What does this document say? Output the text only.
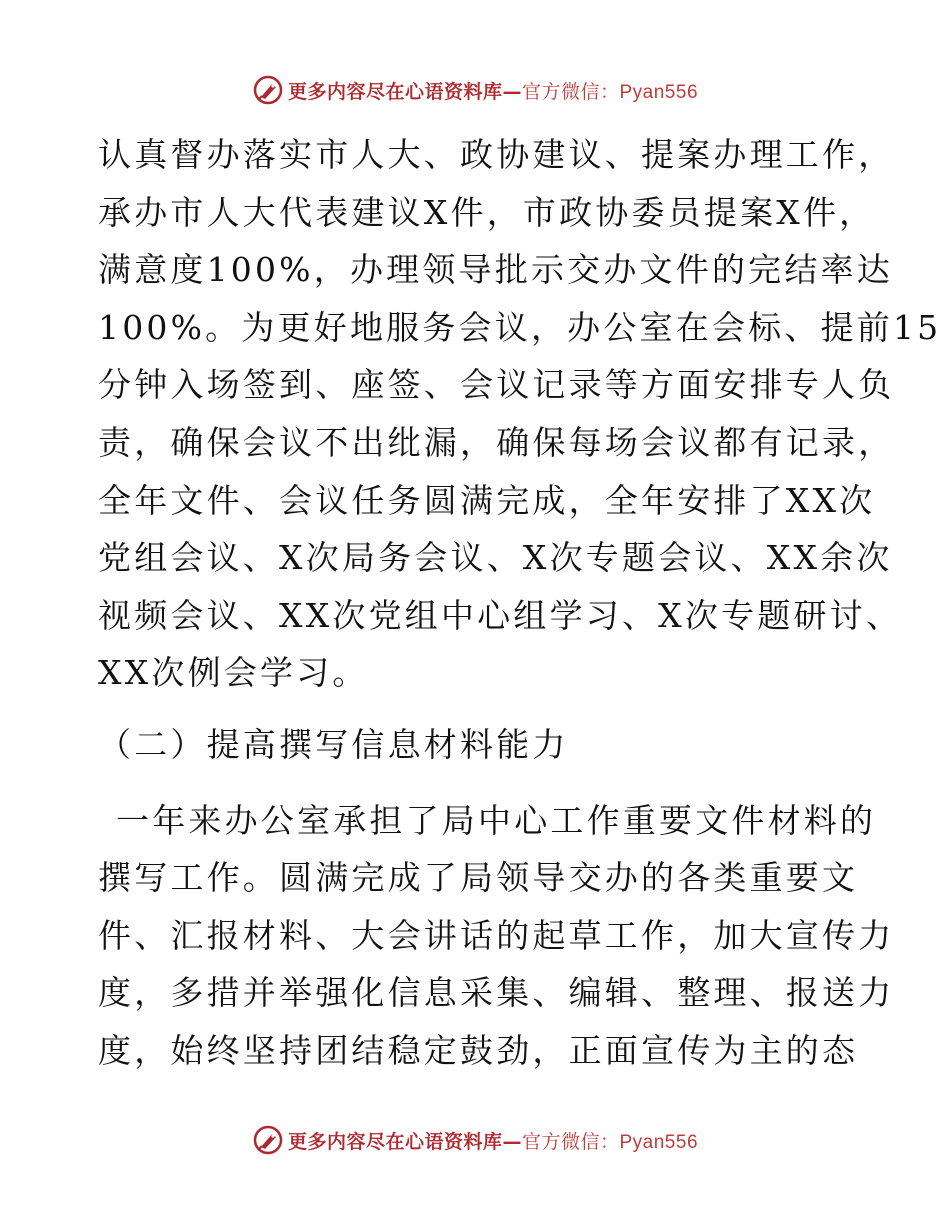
更多内容尽在心语资料库—官方微信：Pyan556
认真督办落实市人大、政协建议、提案办理工作，
承办市人大代表建议X件，市政协委员提案X件，
满意度100%，办理领导批示交办文件的完结率达
100%。为更好地服务会议，办公室在会标、提前15
分钟入场签到、座签、会议记录等方面安排专人负
责，确保会议不出纰漏，确保每场会议都有记录，
全年文件、会议任务圆满完成，全年安排了XX次
党组会议、X次局务会议、X次专题会议、XX余次
视频会议、XX次党组中心组学习、X次专题研讨、
XX次例会学习。
（二）提高撰写信息材料能力
一年来办公室承担了局中心工作重要文件材料的
撰写工作。圆满完成了局领导交办的各类重要文
件、汇报材料、大会讲话的起草工作，加大宣传力
度，多措并举强化信息采集、编辑、整理、报送力
度，始终坚持团结稳定鼓劲，正面宣传为主的态
更多内容尽在心语资料库—官方微信：Pyan556
